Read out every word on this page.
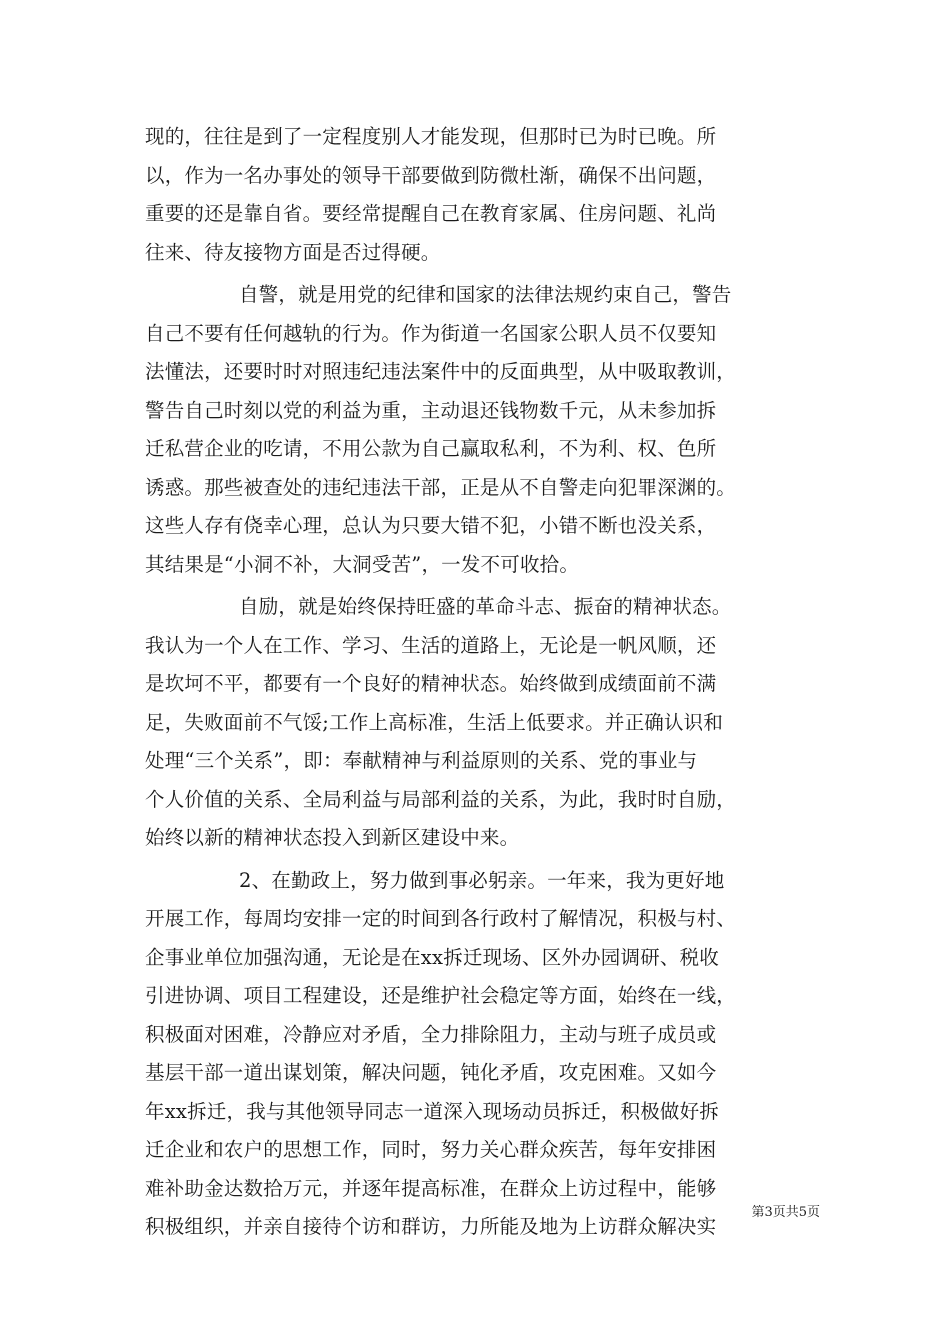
现的，往往是到了一定程度别人才能发现，但那时已为时已晚。所
以，作为一名办事处的领导干部要做到防微杜渐，确保不出问题，
重要的还是靠自省。要经常提醒自己在教育家属、住房问题、礼尚
往来、待友接物方面是否过得硬。
自警，就是用党的纪律和国家的法律法规约束自己，警告
自己不要有任何越轨的行为。作为街道一名国家公职人员不仅要知
法懂法，还要时时对照违纪违法案件中的反面典型，从中吸取教训，
警告自己时刻以党的利益为重，主动退还钱物数千元，从未参加拆
迁私营企业的吃请，不用公款为自己赢取私利，不为利、权、色所
诱惑。那些被查处的违纪违法干部，正是从不自警走向犯罪深渊的。
这些人存有侥幸心理，总认为只要大错不犯，小错不断也没关系，
其结果是“小洞不补，大洞受苦”，一发不可收拾。
自励，就是始终保持旺盛的革命斗志、振奋的精神状态。
我认为一个人在工作、学习、生活的道路上，无论是一帆风顺，还
是坎坷不平，都要有一个良好的精神状态。始终做到成绩面前不满
足，失败面前不气馁;工作上高标准，生活上低要求。并正确认识和
处理“三个关系”，即：奉献精神与利益原则的关系、党的事业与
个人价值的关系、全局利益与局部利益的关系，为此，我时时自励，
始终以新的精神状态投入到新区建设中来。
2、在勤政上，努力做到事必躬亲。一年来，我为更好地
开展工作，每周均安排一定的时间到各行政村了解情况，积极与村、
企事业单位加强沟通，无论是在xx拆迁现场、区外办园调研、税收
引进协调、项目工程建设，还是维护社会稳定等方面，始终在一线，
积极面对困难，冷静应对矛盾，全力排除阻力，主动与班子成员或
基层干部一道出谋划策，解决问题，钝化矛盾，攻克困难。又如今
年xx拆迁，我与其他领导同志一道深入现场动员拆迁，积极做好拆
迁企业和农户的思想工作，同时，努力关心群众疾苦，每年安排困
难补助金达数拾万元，并逐年提高标准，在群众上访过程中，能够
积极组织，并亲自接待个访和群访，力所能及地为上访群众解决实
第3页共5页
